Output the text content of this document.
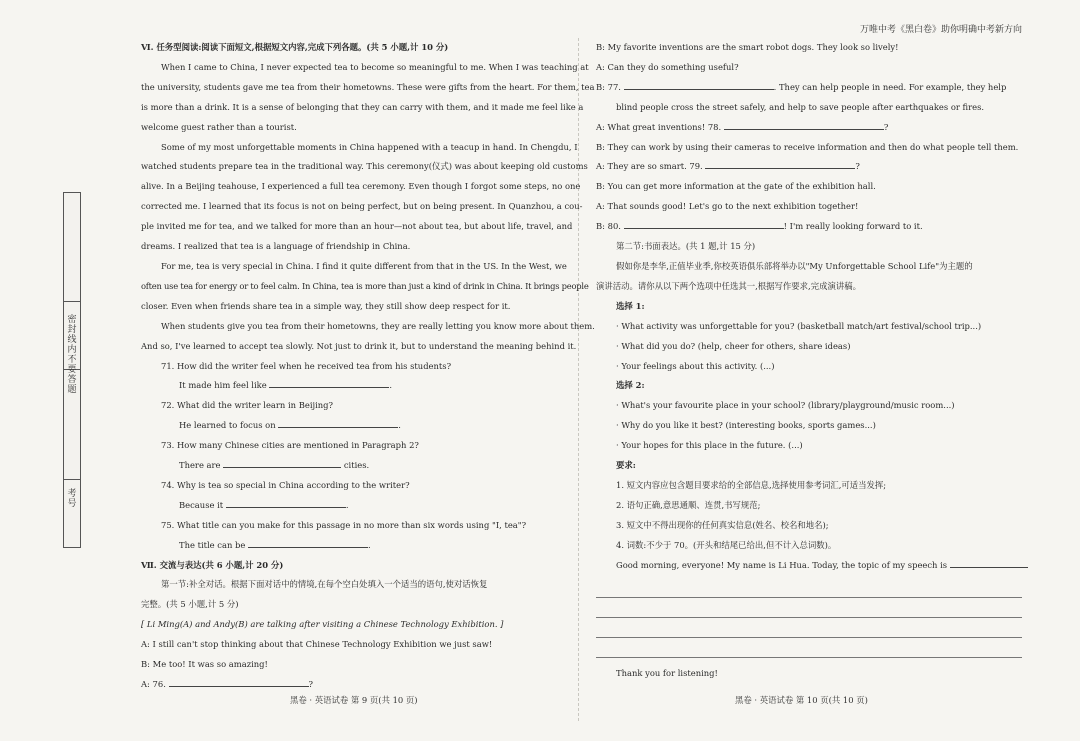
万唯中考《黑白卷》助你明确中考新方向
密封线内不要答题
考号

Ⅵ. 任务型阅读:阅读下面短文,根据短文内容,完成下列各题。(共 5 小题,计 10 分)

When I came to China, I never expected tea to become so meaningful to me. When I was teaching at

the university, students gave me tea from their hometowns. These were gifts from the heart. For them, tea

is more than a drink. It is a sense of belonging that they can carry with them, and it made me feel like a

welcome guest rather than a tourist.

Some of my most unforgettable moments in China happened with a teacup in hand. In Chengdu, I

watched students prepare tea in the traditional way. This ceremony(仪式) was about keeping old customs

alive. In a Beijing teahouse, I experienced a full tea ceremony. Even though I forgot some steps, no one

corrected me. I learned that its focus is not on being perfect, but on being present. In Quanzhou, a cou-

ple invited me for tea, and we talked for more than an hour—not about tea, but about life, travel, and

dreams. I realized that tea is a language of friendship in China.

For me, tea is very special in China. I find it quite different from that in the US. In the West, we

often use tea for energy or to feel calm. In China, tea is more than just a kind of drink in China. It brings people

closer. Even when friends share tea in a simple way, they still show deep respect for it.

When students give you tea from their hometowns, they are really letting you know more about them.

And so, I've learned to accept tea slowly. Not just to drink it, but to understand the meaning behind it.

71. How did the writer feel when he received tea from his students?

It made him feel like	.

72. What did the writer learn in Beijing?

He learned to focus on	.

73. How many Chinese cities are mentioned in Paragraph 2?

There are	cities.

74. Why is tea so special in China according to the writer?

Because it	.

75. What title can you make for this passage in no more than six words using "I, tea"?

The title can be	.

Ⅶ. 交流与表达(共 6 小题,计 20 分)

第一节:补全对话。根据下面对话中的情境,在每个空白处填入一个适当的语句,使对话恢复

完整。(共 5 小题,计 5 分)

[ Li Ming(A) and Andy(B) are talking after visiting a Chinese Technology Exhibition. ]

A: I still can't stop thinking about that Chinese Technology Exhibition we just saw!

B: Me too! It was so amazing!

A: 76.	?

黑卷 · 英语试卷 第 9 页(共 10 页)

B: My favorite inventions are the smart robot dogs. They look so lively!

A: Can they do something useful?

B: 77.	. They can help people in need. For example, they help

blind people cross the street safely, and help to save people after earthquakes or fires.

A: What great inventions! 78.	?

B: They can work by using their cameras to receive information and then do what people tell them.

A: They are so smart. 79.	?

B: You can get more information at the gate of the exhibition hall.

A: That sounds good! Let's go to the next exhibition together!

B: 80.	! I'm really looking forward to it.

第二节:书面表达。(共 1 题,计 15 分)

假如你是李华,正值毕业季,你校英语俱乐部将举办以"My Unforgettable School Life"为主题的

演讲活动。请你从以下两个选项中任选其一,根据写作要求,完成演讲稿。

选择 1:

· What activity was unforgettable for you? (basketball match/art festival/school trip...)

· What did you do? (help, cheer for others, share ideas)

· Your feelings about this activity. (...)

选择 2:

· What's your favourite place in your school? (library/playground/music room...)

· Why do you like it best? (interesting books, sports games...)

· Your hopes for this place in the future. (...)

要求:

1. 短文内容应包含题目要求给的全部信息,选择使用参考词汇,可适当发挥;

2. 语句正确,意思通顺、连贯,书写规范;

3. 短文中不得出现你的任何真实信息(姓名、校名和地名);

4. 词数:不少于 70。(开头和结尾已给出,但不计入总词数)。

Good morning, everyone! My name is Li Hua. Today, the topic of my speech is

Thank you for listening!
黑卷 · 英语试卷 第 10 页(共 10 页)
